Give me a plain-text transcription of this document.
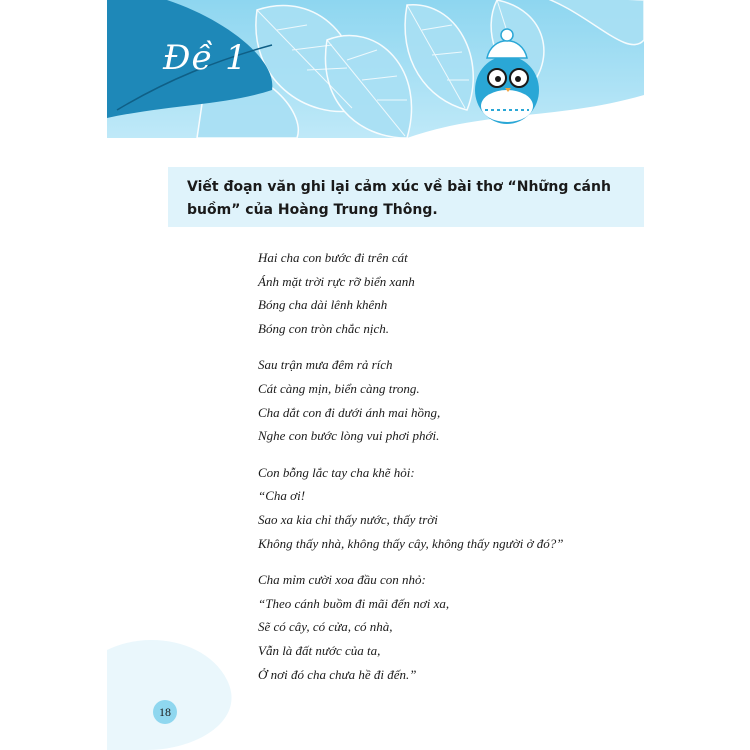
Đề 1
Viết đoạn văn ghi lại cảm xúc về bài thơ “Những cánh buồm” của Hoàng Trung Thông.
Hai cha con bước đi trên cát
Ánh mặt trời rực rỡ biển xanh
Bóng cha dài lênh khênh
Bóng con tròn chắc nịch.
Sau trận mưa đêm rả rích
Cát càng mịn, biển càng trong.
Cha dắt con đi dưới ánh mai hồng,
Nghe con bước lòng vui phơi phới.
Con bỗng lắc tay cha khẽ hỏi:
“Cha ơi!
Sao xa kia chỉ thấy nước, thấy trời
Không thấy nhà, không thấy cây, không thấy người ở đó?”
Cha mỉm cười xoa đầu con nhỏ:
“Theo cánh buồm đi mãi đến nơi xa,
Sẽ có cây, có cửa, có nhà,
Vẫn là đất nước của ta,
Ở nơi đó cha chưa hề đi đến.”
18
